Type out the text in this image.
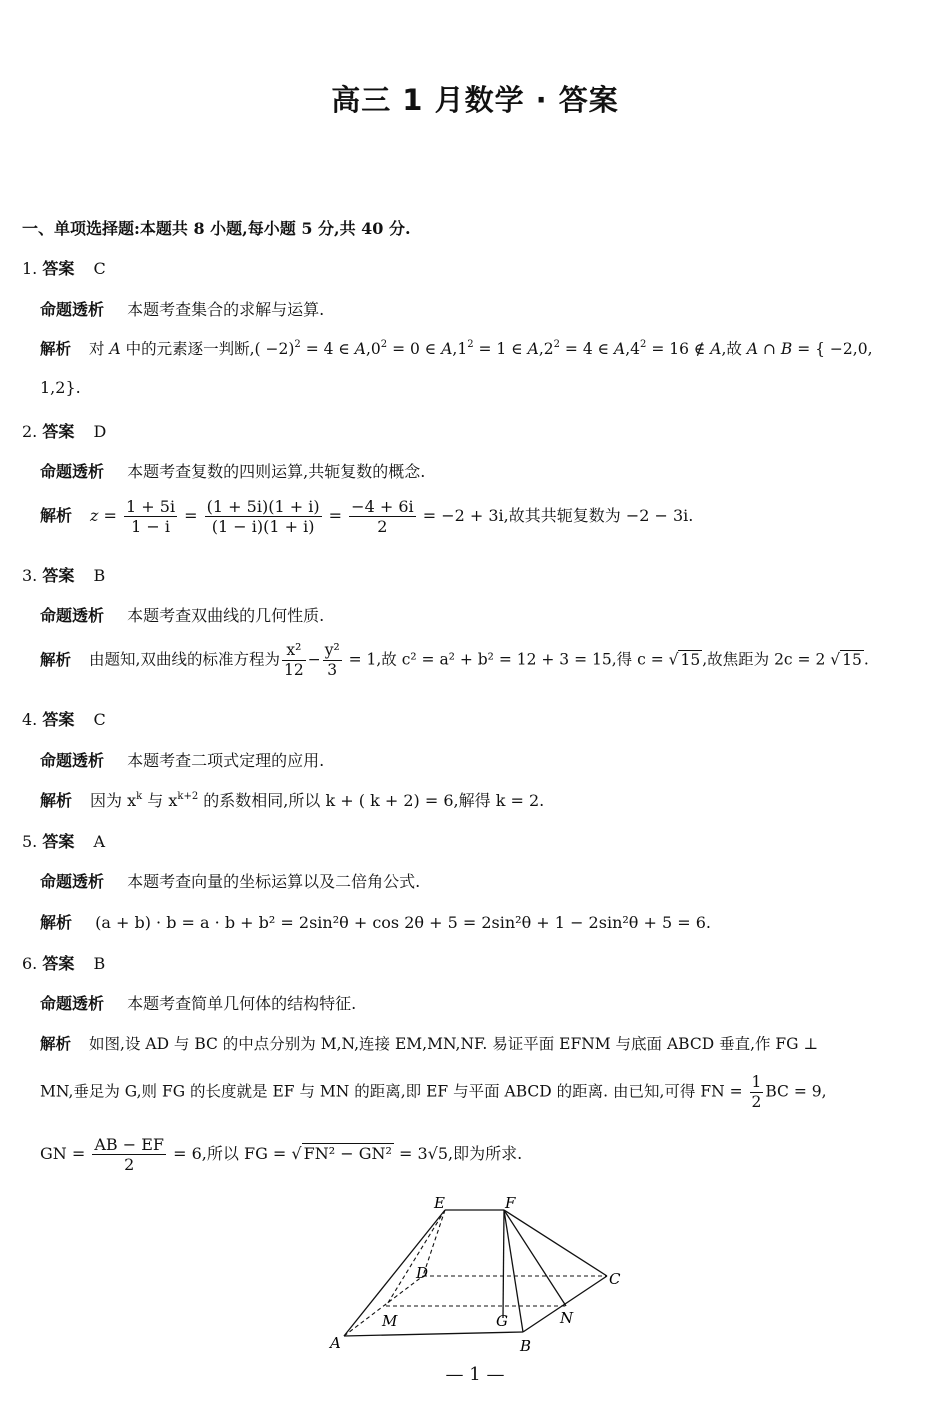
高三 1 月数学 · 答案
一、单项选择题:本题共 8 小题,每小题 5 分,共 40 分.
1. 答案 C
命题透析 本题考查集合的求解与运算.
解析 对 A 中的元素逐一判断,( −2)$^2$ = 4 ∈ $A,0^2 = 0$ ∈ $A,1^2 = 1$ ∈ $A,2^2 = 4$ ∈ $A,4^2 = 16$ ∉ A,故 A ∩ B = { −2,0,
1,2}.
2. 答案 D
命题透析 本题考查复数的四则运算,共轭复数的概念.
解析 $z = \frac{1 + 5i}{1 - i} = \frac{(1 + 5i)(1 + i)}{(1 - i)(1 + i)} = \frac{-4 + 6i}{2} = -2 + 3i$,故其共轭复数为 −2 − 3i.
3. 答案 B
命题透析 本题考查双曲线的几何性质.
解析 由题知,双曲线的标准方程为 $\frac{\text{x²}}{12} - \frac{\text{y²}}{3} = 1$,故 c² = a² + b² = 12 + 3 = 15,得 c = √ 15 ,故焦距为 2c = 2 √ 15 .
4. 答案 C
命题透析 本题考查二项式定理的应用.
解析 因为 $x^k$ 与 $x^{k+2}$ 的系数相同,所以 k + ( k + 2) = 6,解得 k = 2.
5. 答案 A
命题透析 本题考查向量的坐标运算以及二倍角公式.
解析 (a + b) · b = a · b + b² = 2sin²θ + cos 2θ + 5 = 2sin²θ + 1 − 2sin²θ + 5 = 6.
6. 答案 B
命题透析 本题考查简单几何体的结构特征.
解析 如图,设 AD 与 BC 的中点分别为 M,N,连接 EM,MN,NF. 易证平面 EFNM 与底面 ABCD 垂直,作 FG ⊥
MN,垂足为 G,则 FG 的长度就是 EF 与 MN 的距离,即 EF 与平面 ABCD 的距离. 由已知,可得 FN = $\frac{1}{2}$ BC = 9,
GN = $\frac{AB - EF}{2} = 6$,所以 FG = √ FN² − GN² = 3√5,即为所求.
E	F
D	C
M	G	N
A	B
— 1 —
